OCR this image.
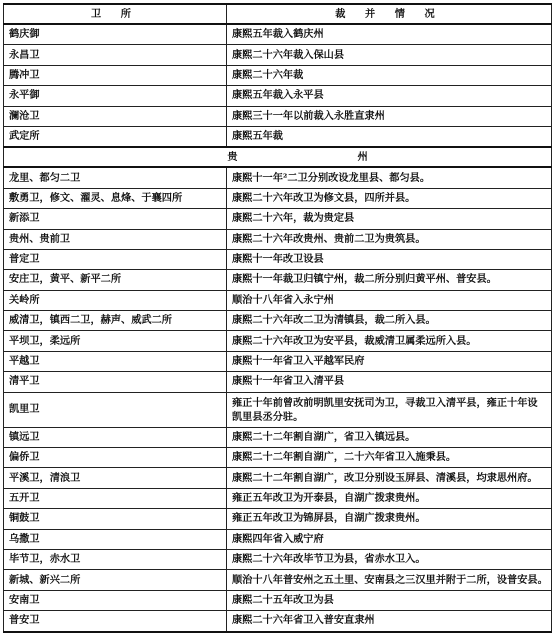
卫 所	裁 并 情 况
鹤庆御	康熙五年裁入鹤庆州
永昌卫	康熙二十六年裁入保山县
腾冲卫	康熙二十六年裁
永平御	康熙五年裁入永平县
澜沧卫	康熙三十一年以前裁入永胜直隶州
武定所	康熙五年裁
贵 州	
龙里、都匀二卫	康熙十一年²二卫分别改设龙里县、都匀县。
敷勇卫，修文、濯灵、息烽、于襄四所	康熙二十六年改卫为修文县，四所并县。
新添卫	康熙二十六年，裁为贵定县
贵州、贵前卫	康熙二十六年改贵州、贵前二卫为贵筑县。
普定卫	康熙十一年改卫设县
安庄卫，黄平、新平二所	康熙十一年裁卫归镇宁州，裁二所分别归黄平州、普安县。
关岭所	顺治十八年省入永宁州
威清卫，镇西二卫，赫声、威武二所	康熙二十六年改二卫为清镇县，裁二所入县。
平坝卫，柔远所	康熙二十六年改卫为安平县，裁威清卫属柔远所入县。
平越卫	康熙十一年省卫入平越军民府
清平卫	康熙十一年省卫入清平县
凯里卫	雍正十年前曾改前明凯里安抚司为卫，寻裁卫入清平县，雍正十年设凯里县丞分驻。
镇远卫	康熙二十二年割自湖广，省卫入镇远县。
偏侨卫	康熙二十二年割自湖广，二十六年省卫入施秉县。
平溪卫，清浪卫	康熙二十二年割自湖广，改卫分别设玉屏县、清溪县，均隶思州府。
五开卫	雍正五年改卫为开泰县，自湖广拨隶贵州。
铜鼓卫	雍正五年改卫为锦屏县，自湖广拨隶贵州。
乌撒卫	康熙四年省入威宁府
毕节卫，赤水卫	康熙二十六年改毕节卫为县，省赤水卫入。
新城、新兴二所	顺治十八年普安州之五土里、安南县之三汉里并附于二所，设普安县。
安南卫	康熙二十五年改卫为县
普安卫	康熙二十六年省卫入普安直隶州
